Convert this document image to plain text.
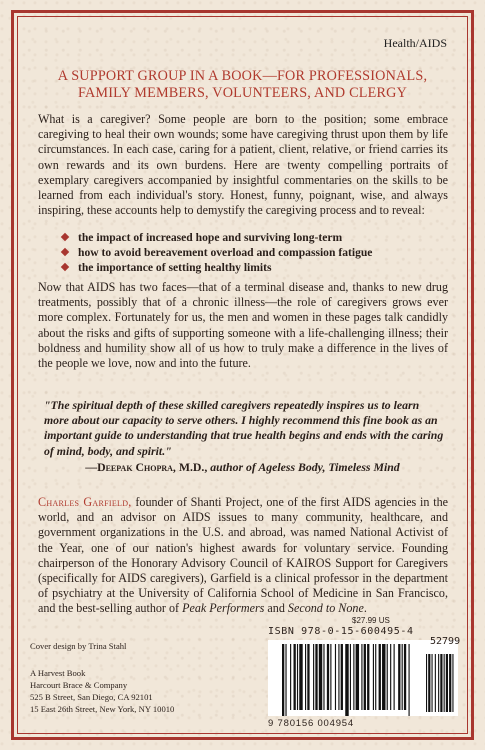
Health/AIDS
A SUPPORT GROUP IN A BOOK—FOR PROFESSIONALS,
FAMILY MEMBERS, VOLUNTEERS, AND CLERGY

What is a caregiver? Some people are born to the position; some embrace caregiving to heal their own wounds; some have caregiving thrust upon them by life circumstances. In each case, caring for a patient, client, relative, or friend carries its own rewards and its own burdens. Here are twenty compelling portraits of exemplary caregivers accompanied by insightful commentaries on the skills to be learned from each individual's story. Honest, funny, poignant, wise, and always inspiring, these accounts help to demystify the caregiving process and to reveal:

the impact of increased hope and surviving long-term
how to avoid bereavement overload and compassion fatigue
the importance of setting healthy limits

Now that AIDS has two faces—that of a terminal disease and, thanks to new drug treatments, possibly that of a chronic illness—the role of caregivers grows ever more complex. Fortunately for us, the men and women in these pages talk candidly about the risks and gifts of supporting someone with a life-challenging illness; their boldness and humility show all of us how to truly make a difference in the lives of the people we love, now and into the future.

"The spiritual depth of these skilled caregivers repeatedly inspires us to learn more about our capacity to serve others. I highly recommend this fine book as an important guide to understanding that true health begins and ends with the caring of mind, body, and spirit."
—Deepak Chopra, M.D., author of Ageless Body, Timeless Mind

Charles Garfield, founder of Shanti Project, one of the first AIDS agencies in the world, and an advisor on AIDS issues to many community, healthcare, and government organizations in the U.S. and abroad, was named National Activist of the Year, one of our nation's highest awards for voluntary service. Founding chairperson of the Honorary Advisory Council of KAIROS Support for Caregivers (specifically for AIDS caregivers), Garfield is a clinical professor in the department of psychiatry at the University of California School of Medicine in San Francisco, and the best-selling author of Peak Performers and Second to None.

$27.99 US
ISBN 978-0-15-600495-4
9 780156 004954
52799
Cover design by Trina Stahl
A Harvest Book
Harcourt Brace & Company
525 B Street, San Diego, CA 92101
15 East 26th Street, New York, NY 10010
